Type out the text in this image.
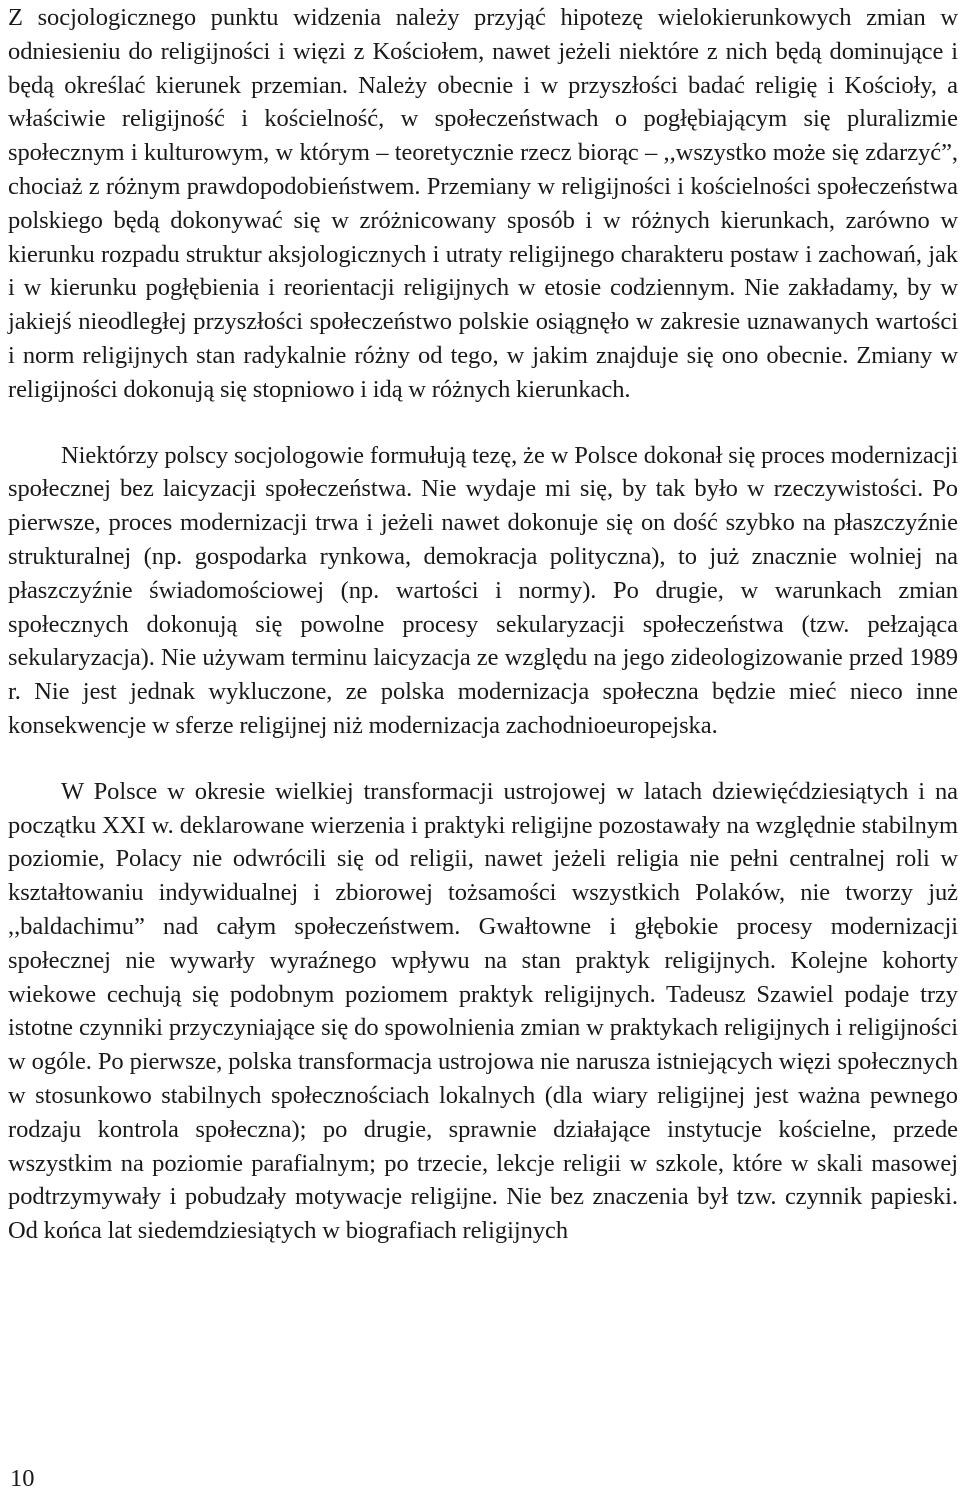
Z socjologicznego punktu widzenia należy przyjąć hipotezę wielokierunkowych zmian w odniesieniu do religijności i więzi z Kościołem, nawet jeżeli niektóre z nich będą dominujące i będą określać kierunek przemian. Należy obecnie i w przyszłości badać religię i Kościoły, a właściwie religijność i kościelność, w społeczeństwach o pogłębiającym się pluralizmie społecznym i kulturowym, w którym – teoretycznie rzecz biorąc – ,,wszystko może się zdarzyć”, chociaż z różnym prawdopodobieństwem. Przemiany w religijności i kościelności społeczeństwa polskiego będą dokonywać się w zróżnicowany sposób i w różnych kierunkach, zarówno w kierunku rozpadu struktur aksjologicznych i utraty religijnego charakteru postaw i zachowań, jak i w kierunku pogłębienia i reorientacji religijnych w etosie codziennym. Nie zakładamy, by w jakiejś nieodległej przyszłości społeczeństwo polskie osiągnęło w zakresie uznawanych wartości i norm religijnych stan radykalnie różny od tego, w jakim znajduje się ono obecnie. Zmiany w religijności dokonują się stopniowo i idą w różnych kierunkach.

Niektórzy polscy socjologowie formułują tezę, że w Polsce dokonał się proces modernizacji społecznej bez laicyzacji społeczeństwa. Nie wydaje mi się, by tak było w rzeczywistości. Po pierwsze, proces modernizacji trwa i jeżeli nawet dokonuje się on dość szybko na płaszczyźnie strukturalnej (np. gospodarka rynkowa, demokracja polityczna), to już znacznie wolniej na płaszczyźnie świadomościowej (np. wartości i normy). Po drugie, w warunkach zmian społecznych dokonują się powolne procesy sekularyzacji społeczeństwa (tzw. pełzająca sekularyzacja). Nie używam terminu laicyzacja ze względu na jego zideologizowanie przed 1989 r. Nie jest jednak wykluczone, ze polska modernizacja społeczna będzie mieć nieco inne konsekwencje w sferze religijnej niż modernizacja zachodnioeuropejska.

W Polsce w okresie wielkiej transformacji ustrojowej w latach dziewięćdziesiątych i na początku XXI w. deklarowane wierzenia i praktyki religijne pozostawały na względnie stabilnym poziomie, Polacy nie odwrócili się od religii, nawet jeżeli religia nie pełni centralnej roli w kształtowaniu indywidualnej i zbiorowej tożsamości wszystkich Polaków, nie tworzy już ,,baldachimu” nad całym społeczeństwem. Gwałtowne i głębokie procesy modernizacji społecznej nie wywarły wyraźnego wpływu na stan praktyk religijnych. Kolejne kohorty wiekowe cechują się podobnym poziomem praktyk religijnych. Tadeusz Szawiel podaje trzy istotne czynniki przyczyniające się do spowolnienia zmian w praktykach religijnych i religijności w ogóle. Po pierwsze, polska transformacja ustrojowa nie narusza istniejących więzi społecznych w stosunkowo stabilnych społecznościach lokalnych (dla wiary religijnej jest ważna pewnego rodzaju kontrola społeczna); po drugie, sprawnie działające instytucje kościelne, przede wszystkim na poziomie parafialnym; po trzecie, lekcje religii w szkole, które w skali masowej podtrzymywały i pobudzały motywacje religijne. Nie bez znaczenia był tzw. czynnik papieski. Od końca lat siedemdziesiątych w biografiach religijnych

10
